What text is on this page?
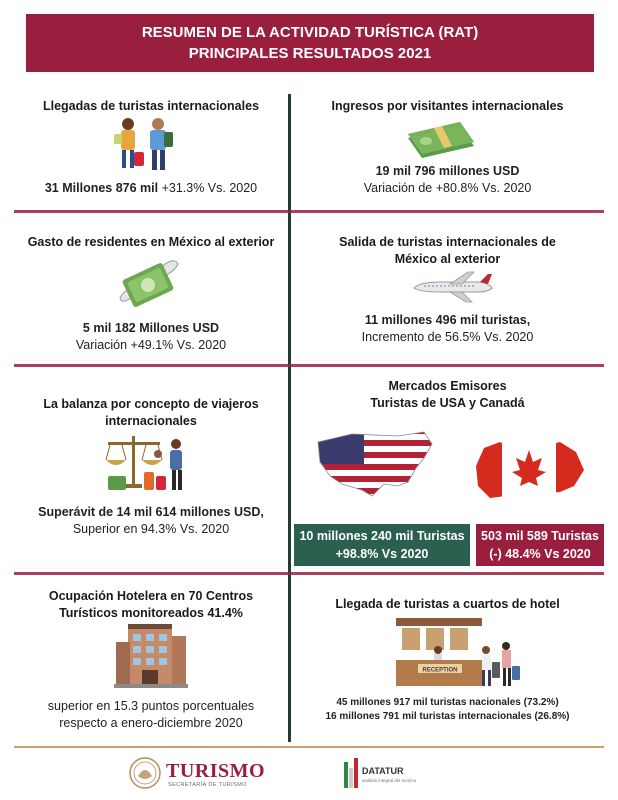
RESUMEN DE LA ACTIVIDAD TURÍSTICA (RAT)
PRINCIPALES RESULTADOS 2021
Llegadas de turistas internacionales
31 Millones 876 mil +31.3% Vs. 2020
Ingresos por visitantes internacionales
19 mil 796 millones USD
Variación de +80.8% Vs. 2020
Gasto de residentes en México al exterior
5 mil 182 Millones USD
Variación +49.1% Vs. 2020
Salida de turistas internacionales de
México al exterior
11 millones 496 mil turistas,
Incremento de 56.5% Vs. 2020
La balanza por concepto de viajeros
internacionales
Superávit de 14 mil 614 millones USD,
Superior en 94.3% Vs. 2020
Mercados Emisores
Turistas de USA y Canadá
10 millones 240 mil Turistas
+98.8% Vs 2020
503 mil 589 Turistas
(-) 48.4% Vs 2020
Ocupación Hotelera en 70 Centros
Turísticos monitoreados 41.4%
superior en 15.3 puntos porcentuales
respecto a enero-diciembre 2020
Llegada de turistas a cuartos de hotel
RECEPTION
45 millones 917 mil turistas nacionales (73.2%)
16 millones 791 mil turistas internacionales (26.8%)
TURISMO
SECRETARÍA DE TURISMO
DATATUR
análisis integral del turismo
